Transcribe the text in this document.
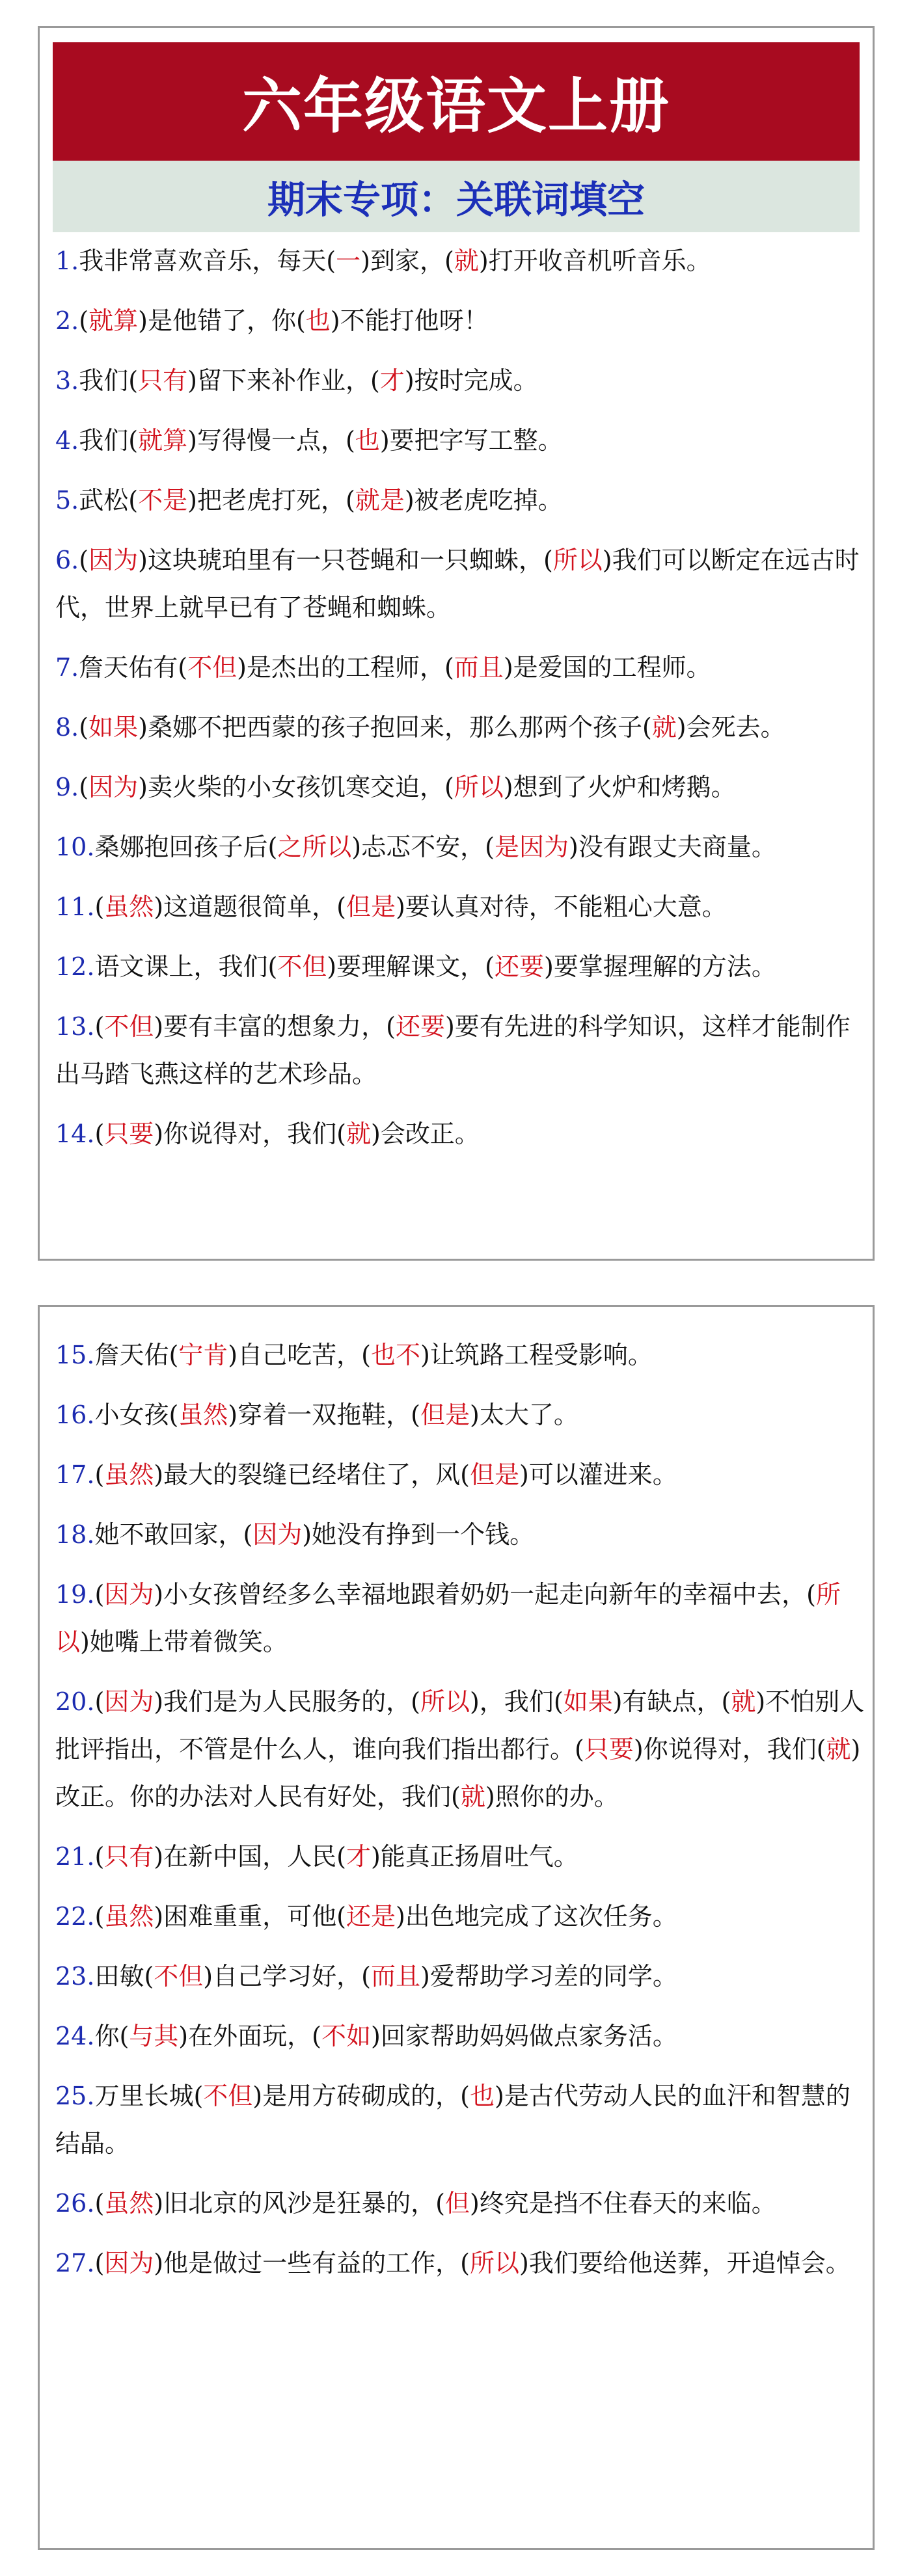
六年级语文上册
期末专项：关联词填空
1.我非常喜欢音乐，每天(一)到家，(就)打开收音机听音乐。
2.(就算)是他错了，你(也)不能打他呀！
3.我们(只有)留下来补作业，(才)按时完成。
4.我们(就算)写得慢一点，(也)要把字写工整。
5.武松(不是)把老虎打死，(就是)被老虎吃掉。
6.(因为)这块琥珀里有一只苍蝇和一只蜘蛛，(所以)我们可以断定在远古时代，世界上就早已有了苍蝇和蜘蛛。
7.詹天佑有(不但)是杰出的工程师，(而且)是爱国的工程师。
8.(如果)桑娜不把西蒙的孩子抱回来，那么那两个孩子(就)会死去。
9.(因为)卖火柴的小女孩饥寒交迫，(所以)想到了火炉和烤鹅。
10.桑娜抱回孩子后(之所以)忐忑不安，(是因为)没有跟丈夫商量。
11.(虽然)这道题很简单，(但是)要认真对待，不能粗心大意。
12.语文课上，我们(不但)要理解课文，(还要)要掌握理解的方法。
13.(不但)要有丰富的想象力，(还要)要有先进的科学知识，这样才能制作出马踏飞燕这样的艺术珍品。
14.(只要)你说得对，我们(就)会改正。
15.詹天佑(宁肯)自己吃苦，(也不)让筑路工程受影响。
16.小女孩(虽然)穿着一双拖鞋，(但是)太大了。
17.(虽然)最大的裂缝已经堵住了，风(但是)可以灌进来。
18.她不敢回家，(因为)她没有挣到一个钱。
19.(因为)小女孩曾经多么幸福地跟着奶奶一起走向新年的幸福中去，(所以)她嘴上带着微笑。
20.(因为)我们是为人民服务的，(所以)，我们(如果)有缺点，(就)不怕别人批评指出，不管是什么人，谁向我们指出都行。(只要)你说得对，我们(就)改正。你的办法对人民有好处，我们(就)照你的办。
21.(只有)在新中国，人民(才)能真正扬眉吐气。
22.(虽然)困难重重，可他(还是)出色地完成了这次任务。
23.田敏(不但)自己学习好，(而且)爱帮助学习差的同学。
24.你(与其)在外面玩，(不如)回家帮助妈妈做点家务活。
25.万里长城(不但)是用方砖砌成的，(也)是古代劳动人民的血汗和智慧的结晶。
26.(虽然)旧北京的风沙是狂暴的，(但)终究是挡不住春天的来临。
27.(因为)他是做过一些有益的工作，(所以)我们要给他送葬，开追悼会。
